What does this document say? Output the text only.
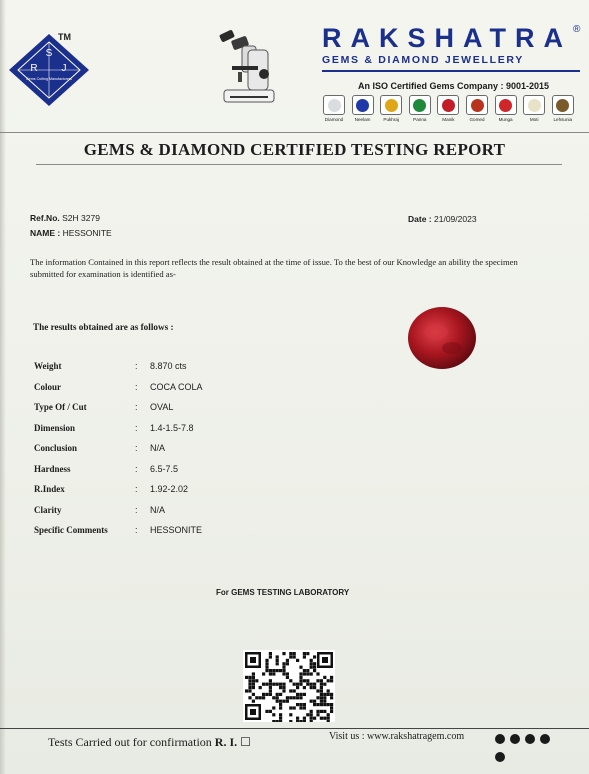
S
R J
Gems Cutting Manufacturers
TM	RAKSHATRA ®
GEMS & DIAMOND JEWELLERY
An ISO Certified Gems Company : 9001-2015
Diamond	Neelam	Pukhraj	Panna	Manik	Gomed	Munga	Moti	Lehsunia
GEMS & DIAMOND CERTIFIED TESTING REPORT
Ref.No. S2H 3279
NAME : HESSONITE
Date : 21/09/2023
The information Contained in this report reflects the result obtained at the time of issue. To the best of our Knowledge an ability the specimen submitted for examination is identified as-
The results obtained are as follows :
Weight	: 8.870 cts
Colour	: COCA COLA
Type Of / Cut	: OVAL
Dimension	: 1.4-1.5-7.8
Conclusion	: N/A
Hardness	: 6.5-7.5
R.Index	: 1.92-2.02
Clarity	: N/A
Specific Comments	: HESSONITE
For GEMS TESTING LABORATORY
Tests Carried out for confirmation R. I. ☐	Visit us : www.rakshatragem.com
